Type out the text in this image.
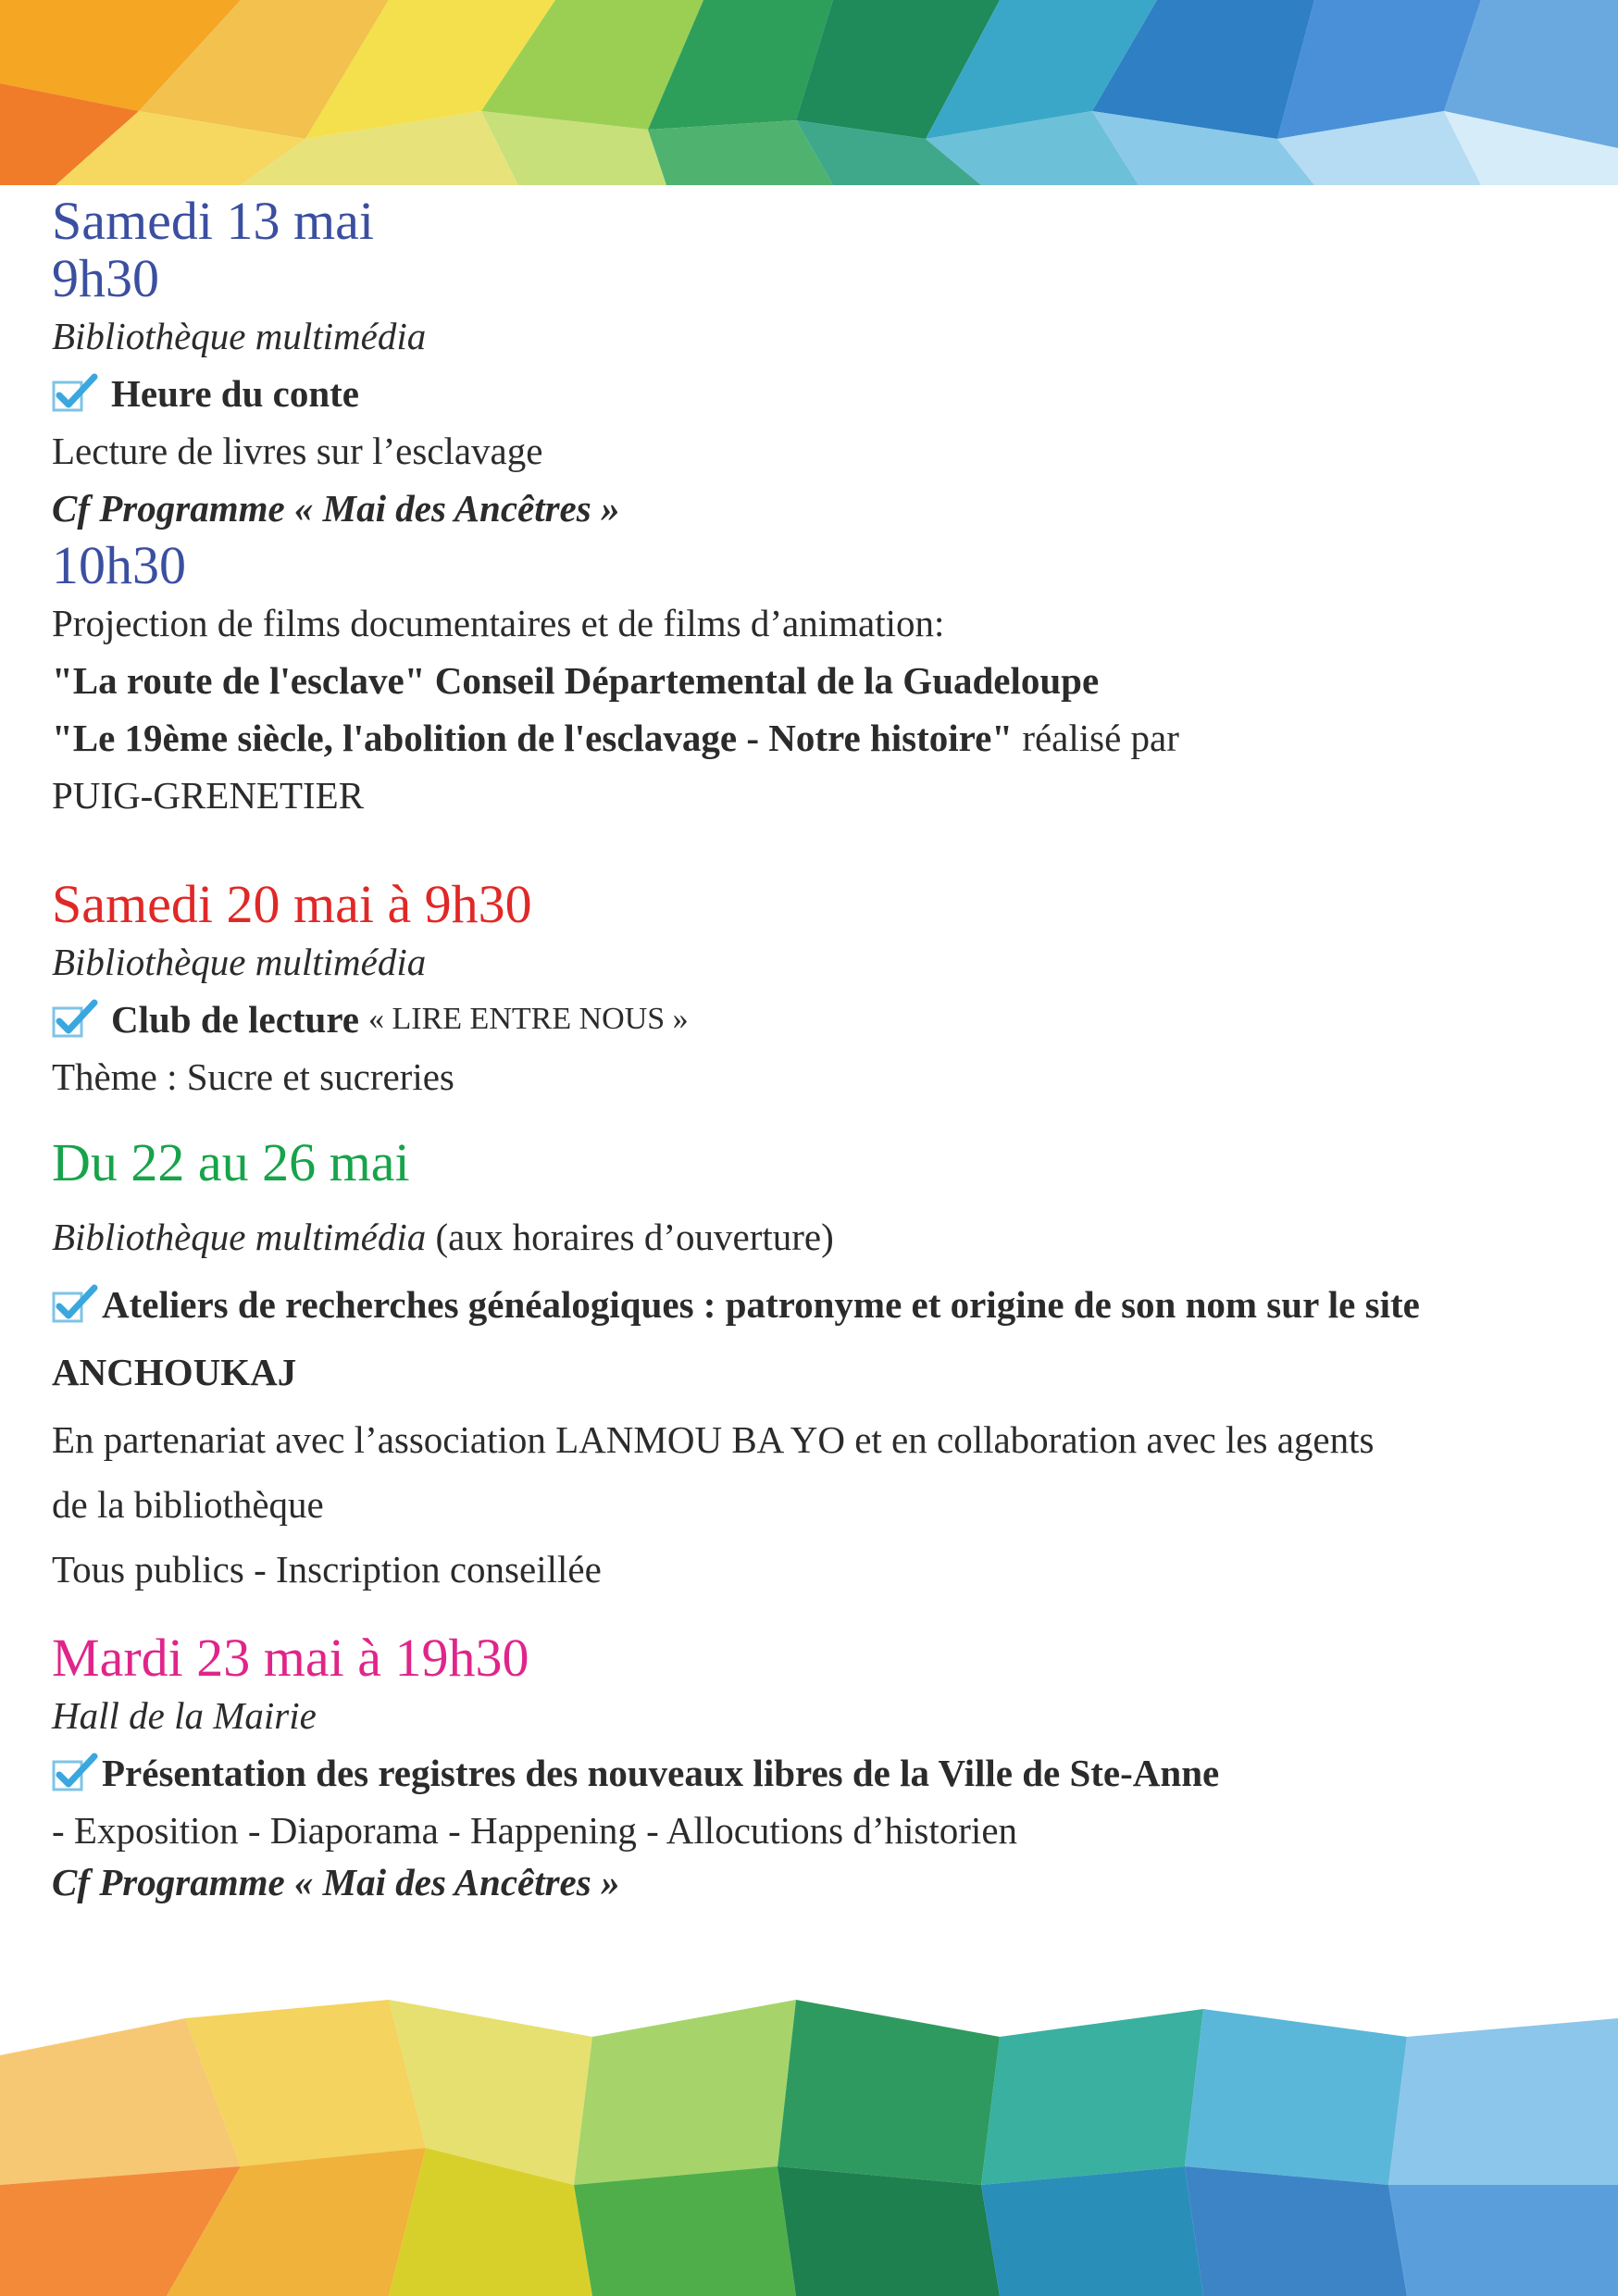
Samedi 13 mai
9h30
Bibliothèque multimédia
Heure du conte
Lecture de livres sur l’esclavage
Cf Programme « Mai des Ancêtres »
10h30
Projection de films documentaires et de films d’animation:
"La route de l'esclave" Conseil Départemental de la Guadeloupe
"Le 19ème siècle, l'abolition de l'esclavage - Notre histoire" réalisé par
PUIG-GRENETIER
Samedi 20 mai à 9h30
Bibliothèque multimédia
Club de lecture « LIRE ENTRE NOUS »
Thème : Sucre et sucreries
Du 22 au 26 mai
Bibliothèque multimédia (aux horaires d’ouverture)
Ateliers de recherches généalogiques : patronyme et origine de son nom sur le site
ANCHOUKAJ
En partenariat avec l’association LANMOU BA YO et en collaboration avec les agents
de la bibliothèque
Tous publics - Inscription conseillée
Mardi 23 mai à 19h30
Hall de la Mairie
Présentation des registres des nouveaux libres de la Ville de Ste-Anne
- Exposition - Diaporama - Happening - Allocutions d’historien
Cf Programme « Mai des Ancêtres »
